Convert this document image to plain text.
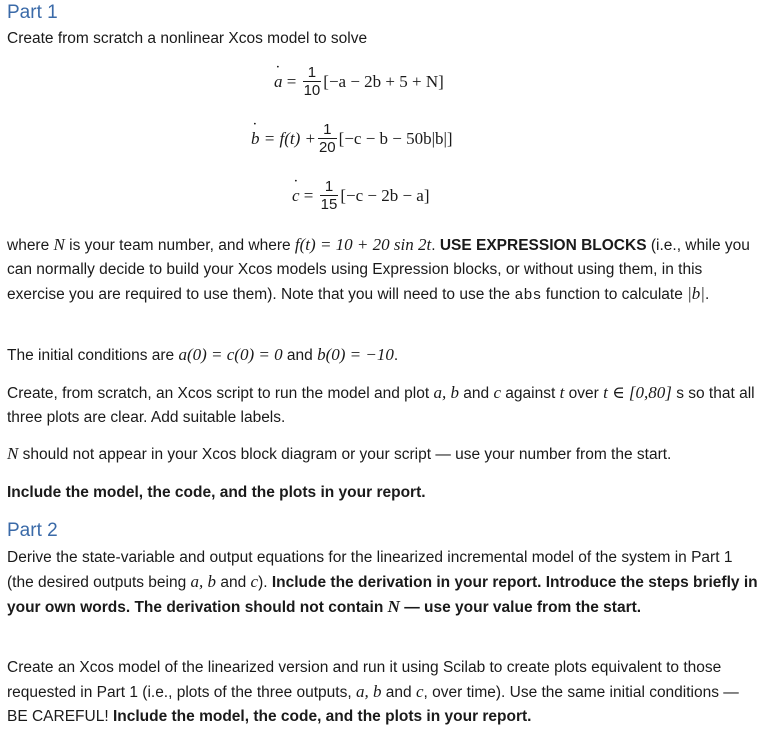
Part 1

Create from scratch a nonlinear Xcos model to solve

˙ $a = \frac{1}{10} [-a - 2b + 5 + N]$
˙ b
= $f(t) + \frac{1}{20} [-c - b - 50b|b|]$
˙ $c = \frac{1}{15} [-c - 2b - a]$

where N is your team number, and where f(t) = 10 + 20 sin 2t. USE EXPRESSION BLOCKS (i.e., while you can normally decide to build your Xcos models using Expression blocks, or without using them, in this exercise you are required to use them). Note that you will need to use the abs function to calculate |b|.

The initial conditions are a(0) = c(0) = 0 and b(0) = −10.

Create, from scratch, an Xcos script to run the model and plot a, b and c against t over t ∈ [0,80] s so that all three plots are clear. Add suitable labels.

N should not appear in your Xcos block diagram or your script — use your number from the start.

Include the model, the code, and the plots in your report.

Part 2

Derive the state-variable and output equations for the linearized incremental model of the system in Part 1 (the desired outputs being a, b and c). Include the derivation in your report. Introduce the steps briefly in your own words. The derivation should not contain N — use your value from the start.

Create an Xcos model of the linearized version and run it using Scilab to create plots equivalent to those requested in Part 1 (i.e., plots of the three outputs, a, b and c, over time). Use the same initial conditions — BE CAREFUL! Include the model, the code, and the plots in your report.
